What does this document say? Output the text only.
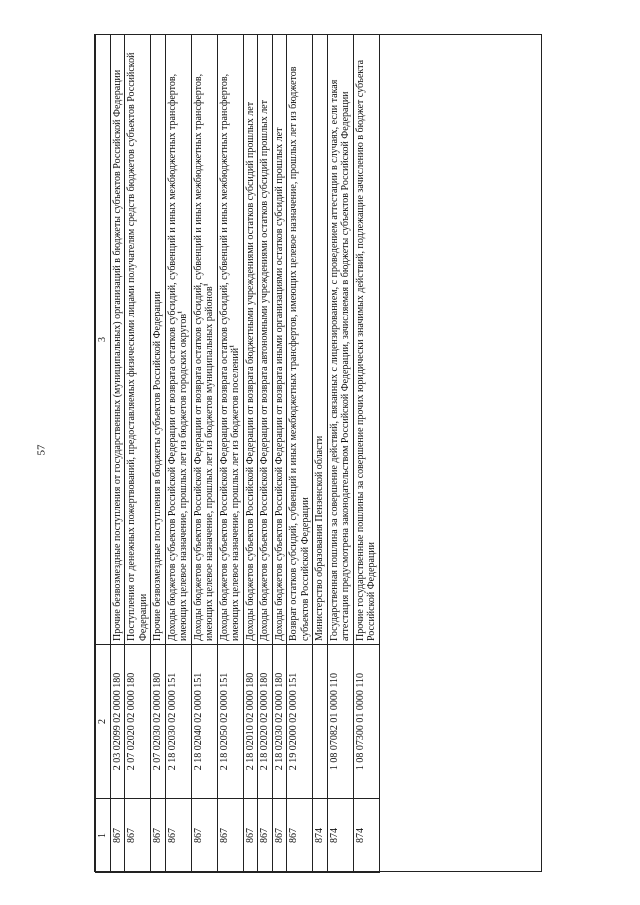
57
1	2	3
867	2 03 02099 02 0000 180	Прочие безвозмездные поступления от государственных (муниципальных) организаций в бюджеты субъектов Российской Федерации
867	2 07 02020 02 0000 180	Поступления от денежных пожертвований, предоставляемых физическими лицами получателям средств бюджетов субъектов Российской Федерации
867	2 07 02030 02 0000 180	Прочие безвозмездные поступления в бюджеты субъектов Российской Федерации
867	2 18 02030 02 0000 151	Доходы бюджетов субъектов Российской Федерации от возврата остатков субсидий, субвенций и иных межбюджетных трансфертов, имеющих целевое назначение, прошлых лет из бюджетов городских округов$^1$
867	2 18 02040 02 0000 151	Доходы бюджетов субъектов Российской Федерации от возврата остатков субсидий, субвенций и иных межбюджетных трансфертов, имеющих целевое назначение, прошлых лет из бюджетов муниципальных районов$^1$
867	2 18 02050 02 0000 151	Доходы бюджетов субъектов Российской Федерации от возврата остатков субсидий, субвенций и иных межбюджетных трансфертов, имеющих целевое назначение, прошлых лет из бюджетов поселений$^1$
867	2 18 02010 02 0000 180	Доходы бюджетов субъектов Российской Федерации от возврата бюджетными учреждениями остатков субсидий прошлых лет
867	2 18 02020 02 0000 180	Доходы бюджетов субъектов Российской Федерации от возврата автономными учреждениями остатков субсидий прошлых лет
867	2 18 02030 02 0000 180	Доходы бюджетов субъектов Российской Федерации от возврата иными организациями остатков субсидий прошлых лет
867	2 19 02000 02 0000 151	Возврат остатков субсидий, субвенций и иных межбюджетных трансфертов, имеющих целевое назначение, прошлых лет из бюджетов субъектов Российской Федерации
874		Министерство образования Пензенской области
874	1 08 07082 01 0000 110	Государственная пошлина за совершение действий, связанных с лицензированием, с проведением аттестации в случаях, если такая аттестация предусмотрена законодательством Российской Федерации, зачисляемая в бюджеты субъектов Российской Федерации
874	1 08 07300 01 0000 110	Прочие государственные пошлины за совершение прочих юридически значимых действий, подлежащие зачислению в бюджет субъекта Российской Федерации
